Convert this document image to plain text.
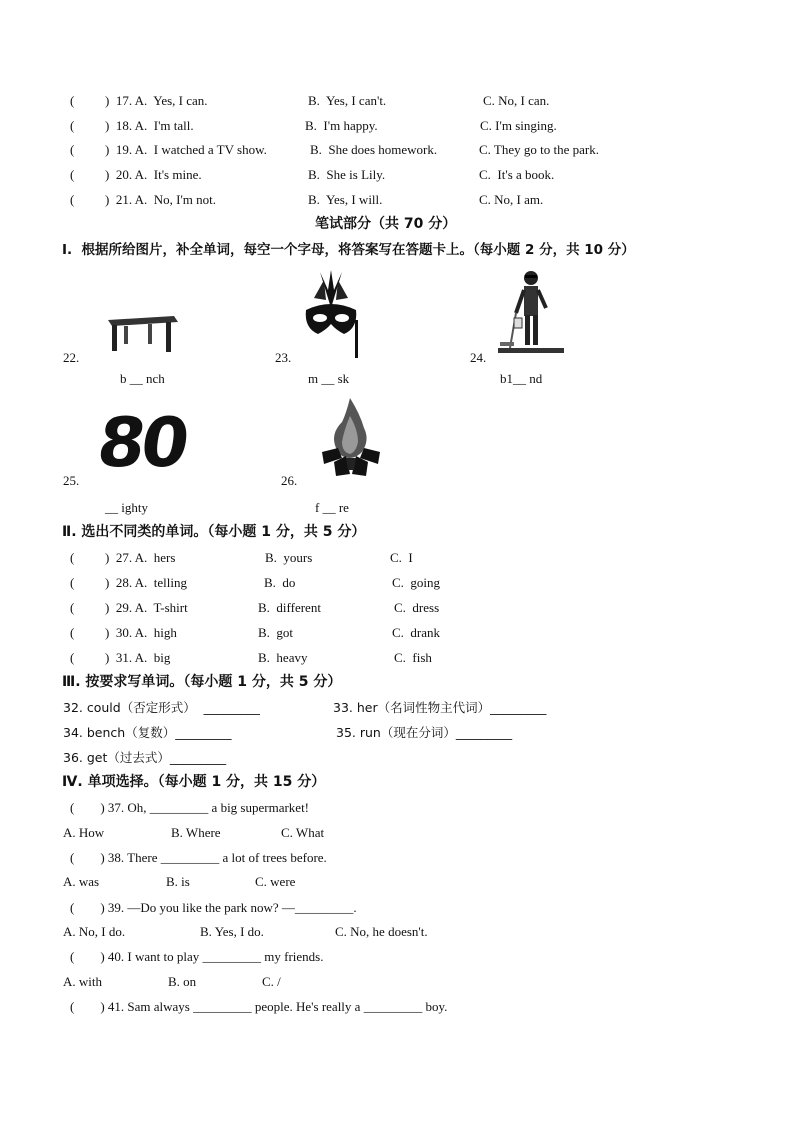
( )  17. A.  Yes, I can.	B.  Yes, I can't.	C. No, I can.
( )  18. A.  I'm tall.	B.  I'm happy.	C. I'm singing.
( )  19. A.  I watched a TV show.	B.  She does homework.	C. They go to the park.
( )  20. A.  It's mine.	B.  She is Lily.	C.  It's a book.
( )  21. A.  No, I'm not.	B.  Yes, I will.	C. No, I am.
笔试部分（共 70 分）
I.  根据所给图片，补全单词，每空一个字母，将答案写在答题卡上。（每小题 2 分，共 10 分）
22.
b __ nch
23.
m __ sk
24.
b1__ nd
25. 80
__ ighty
26.
f __ re
Ⅱ. 选出不同类的单词。（每小题 1 分，共 5 分）
( )  27. A.  hers	B.  yours	C.  I
( )  28. A.  telling	B.  do	C.  going
( )  29. A.  T-shirt	B.  different	C.  dress
( )  30. A.  high	B.  got	C.  drank
( )  31. A.  big	B.  heavy	C.  fish
Ⅲ. 按要求写单词。（每小题 1 分，共 5 分）
32. could（否定形式）  _________	33. her（名词性物主代词）_________
34. bench（复数）_________	35. run（现在分词）_________
36. get（过去式）_________
Ⅳ. 单项选择。（每小题 1 分，共 15 分）
(        ) 37. Oh, _________ a big supermarket!
A. How	B. Where	C. What
(        ) 38. There _________ a lot of trees before.
A. was	B. is	C. were
(        ) 39. —Do you like the park now? —_________.
A. No, I do.	B. Yes, I do.	C. No, he doesn't.
(        ) 40. I want to play _________ my friends.
A. with	B. on	C. /
(        ) 41. Sam always _________ people. He's really a _________ boy.
